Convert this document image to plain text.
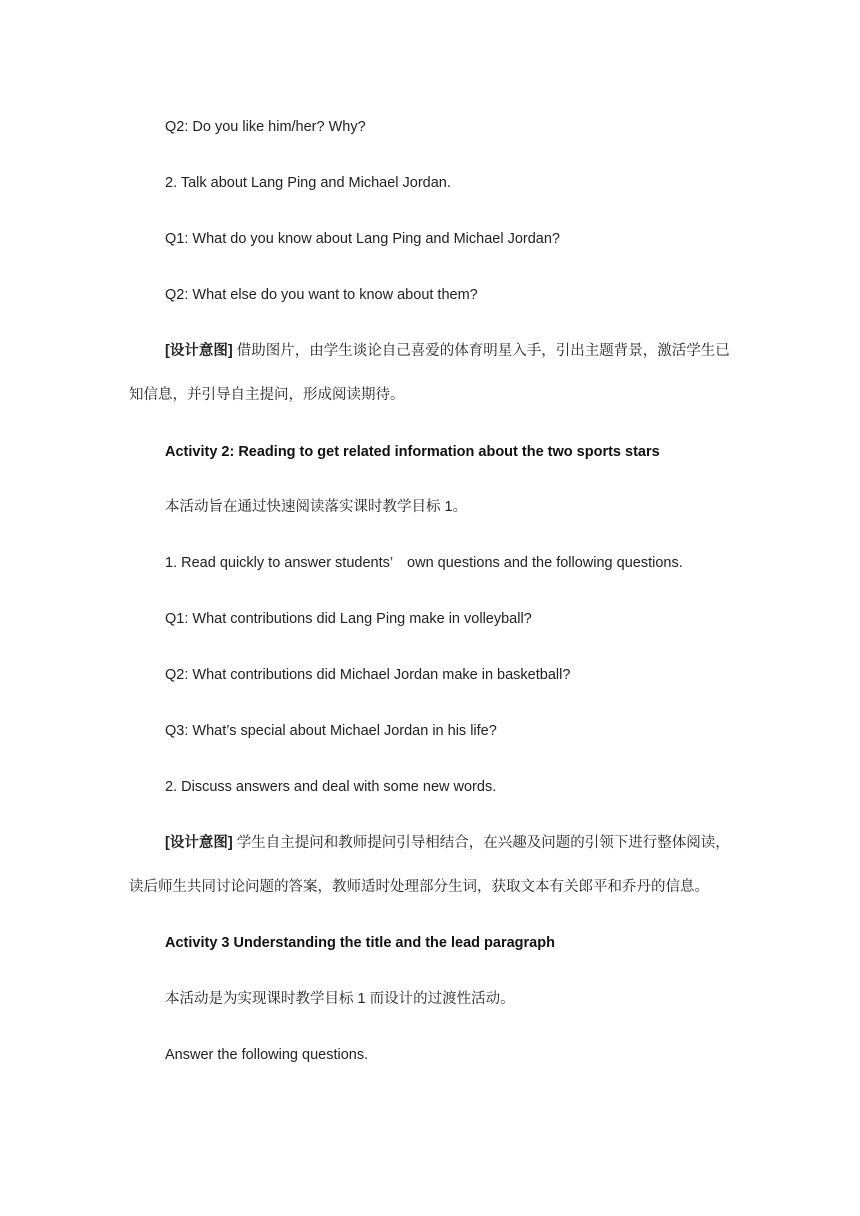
Q2: Do you like him/her? Why?
2. Talk about Lang Ping and Michael Jordan.
Q1: What do you know about Lang Ping and Michael Jordan?
Q2: What else do you want to know about them?
[设计意图] 借助图片，由学生谈论自己喜爱的体育明星入手，引出主题背景，激活学生已
知信息，并引导自主提问，形成阅读期待。
Activity 2: Reading to get related information about the two sports stars
本活动旨在通过快速阅读落实课时教学目标 1。
1. Read quickly to answer students’　own questions and the following questions.
Q1: What contributions did Lang Ping make in volleyball?
Q2: What contributions did Michael Jordan make in basketball?
Q3: What’s special about Michael Jordan in his life?
2. Discuss answers and deal with some new words.
[设计意图] 学生自主提问和教师提问引导相结合，在兴趣及问题的引领下进行整体阅读，
读后师生共同讨论问题的答案，教师适时处理部分生词，获取文本有关郎平和乔丹的信息。
Activity 3 Understanding the title and the lead paragraph
本活动是为实现课时教学目标 1 而设计的过渡性活动。
Answer the following questions.
